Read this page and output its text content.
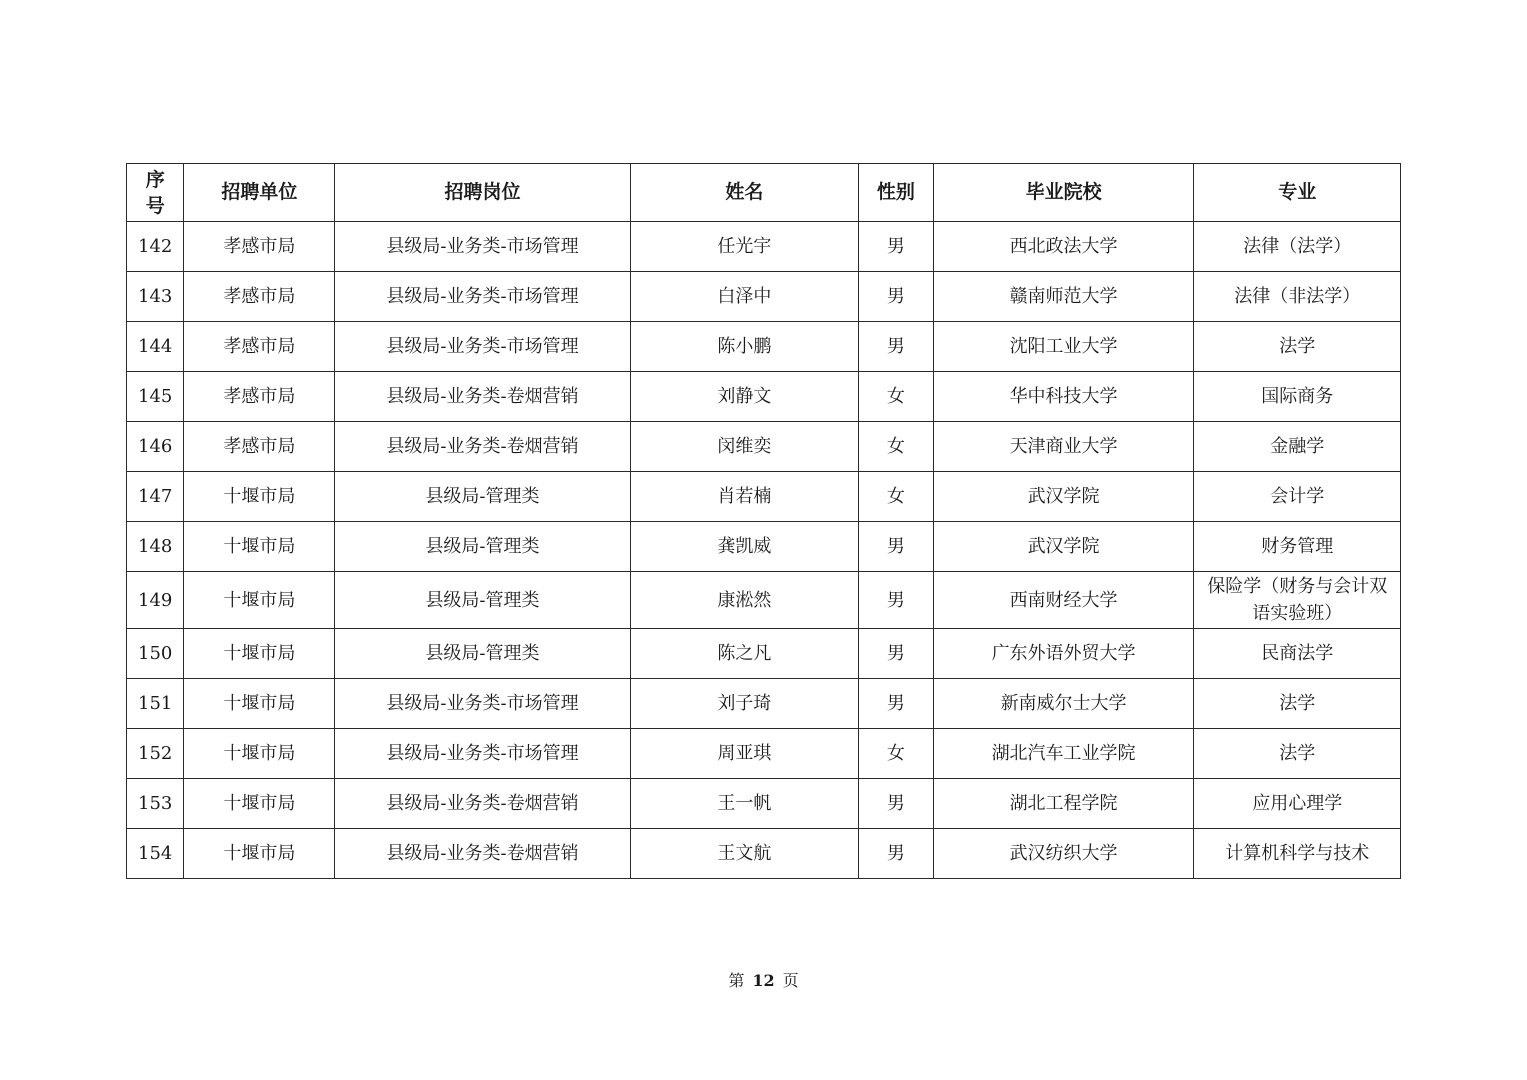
序号	招聘单位	招聘岗位	姓名	性别	毕业院校	专业
142	孝感市局	县级局-业务类-市场管理	任光宇	男	西北政法大学	法律（法学）
143	孝感市局	县级局-业务类-市场管理	白泽中	男	赣南师范大学	法律（非法学）
144	孝感市局	县级局-业务类-市场管理	陈小鹏	男	沈阳工业大学	法学
145	孝感市局	县级局-业务类-卷烟营销	刘静文	女	华中科技大学	国际商务
146	孝感市局	县级局-业务类-卷烟营销	闵维奕	女	天津商业大学	金融学
147	十堰市局	县级局-管理类	肖若楠	女	武汉学院	会计学
148	十堰市局	县级局-管理类	龚凯威	男	武汉学院	财务管理
149	十堰市局	县级局-管理类	康淞然	男	西南财经大学	保险学（财务与会计双语实验班）
150	十堰市局	县级局-管理类	陈之凡	男	广东外语外贸大学	民商法学
151	十堰市局	县级局-业务类-市场管理	刘子琦	男	新南威尔士大学	法学
152	十堰市局	县级局-业务类-市场管理	周亚琪	女	湖北汽车工业学院	法学
153	十堰市局	县级局-业务类-卷烟营销	王一帆	男	湖北工程学院	应用心理学
154	十堰市局	县级局-业务类-卷烟营销	王文航	男	武汉纺织大学	计算机科学与技术
第 12 页
